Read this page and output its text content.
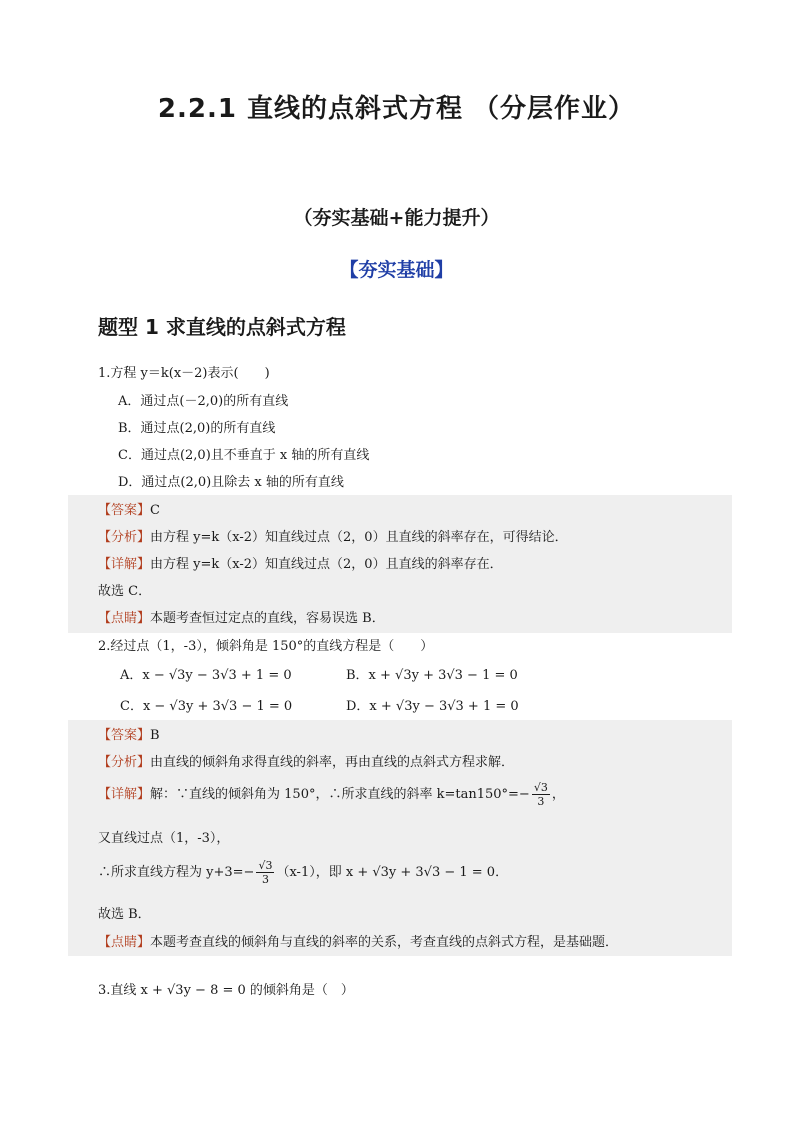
2.2.1 直线的点斜式方程 （分层作业）
（夯实基础+能力提升）
【夯实基础】
题型 1 求直线的点斜式方程
1.方程 y＝k(x－2)表示(　　)
A．通过点(－2,0)的所有直线
B．通过点(2,0)的所有直线
C．通过点(2,0)且不垂直于 x 轴的所有直线
D．通过点(2,0)且除去 x 轴的所有直线
【答案】C
【分析】由方程 y=k（x-2）知直线过点（2，0）且直线的斜率存在，可得结论．
【详解】由方程 y=k（x-2）知直线过点（2，0）且直线的斜率存在．
故选 C．
【点睛】本题考查恒过定点的直线，容易误选 B．
2.经过点（1，-3），倾斜角是 150°的直线方程是（　　）
A．x − √3y − 3√3 + 1 = 0	B．x + √3y + 3√3 − 1 = 0
C．x − √3y + 3√3 − 1 = 0	D．x + √3y − 3√3 + 1 = 0
【答案】B
【分析】由直线的倾斜角求得直线的斜率，再由直线的点斜式方程求解．
【详解】解：∵直线的倾斜角为 150°，∴所求直线的斜率 $k=\tan 150^\circ=- \frac{√3}{3}$ ，
又直线过点（1，-3），
∴所求直线方程为 $y+3=- \frac{√3}{3} (x-1)$，即 x + √3y + 3√3 − 1 = 0．
故选 B．
【点睛】本题考查直线的倾斜角与直线的斜率的关系，考查直线的点斜式方程，是基础题．
3.直线 x + √3y − 8 = 0 的倾斜角是（　）
